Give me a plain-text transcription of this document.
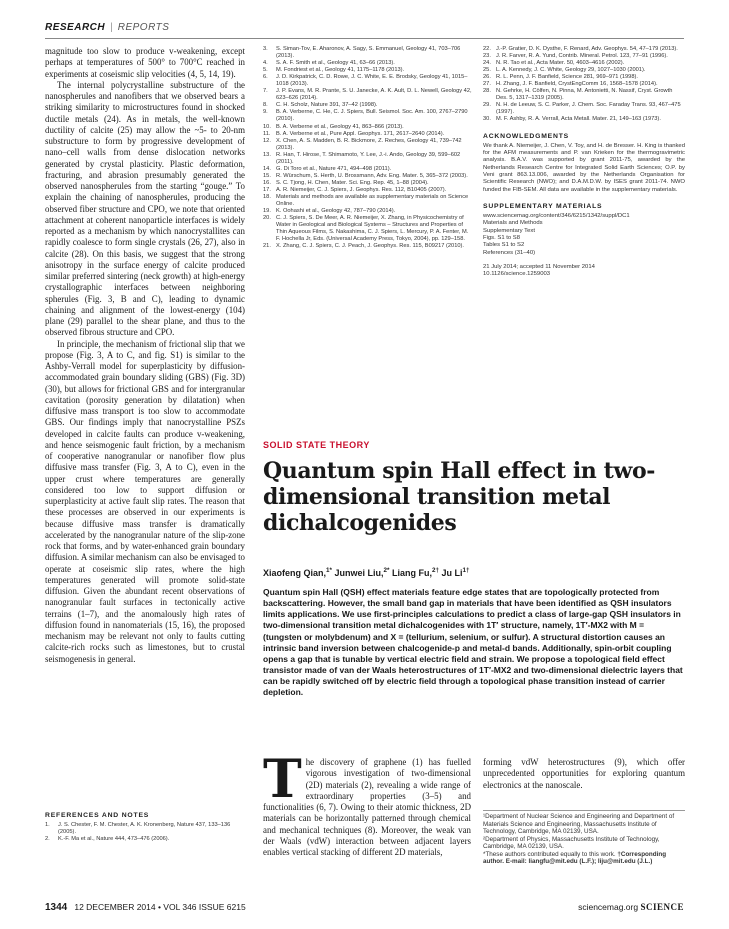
RESEARCH | REPORTS

magnitude too slow to produce v-weakening, except perhaps at temperatures of 500° to 700°C reached in experiments at coseismic slip velocities (4, 5, 14, 19).

The internal polycrystalline substructure of the nanospherules and nanofibers that we observed bears a striking similarity to microstructures found in shocked ductile metals (24). As in metals, the well-known ductility of calcite (25) may allow the ~5- to 20-nm substructure to form by progressive development of nano–cell walls from dense dislocation networks generated by crystal plasticity. Plastic deformation, fracturing, and abrasion presumably generated the observed nanospherules from the starting “gouge.” To explain the chaining of nanospherules, producing the observed fiber structure and CPO, we note that oriented attachment at coherent nanoparticle interfaces is widely reported as a mechanism by which nanocrystallites can rapidly coalesce to form single crystals (26, 27), also in calcite (28). On this basis, we suggest that the strong anisotropy in the surface energy of calcite produced similar preferred sintering (neck growth) at high-energy crystallographic interfaces between neighboring spherules (Fig. 3, B and C), leading to dynamic chaining and alignment of the lowest-energy (104) plane (29) parallel to the shear plane, and thus to the observed fibrous structure and CPO.

In principle, the mechanism of frictional slip that we propose (Fig. 3, A to C, and fig. S1) is similar to the Ashby-Verrall model for superplasticity by diffusion-accommodated grain boundary sliding (GBS) (Fig. 3D) (30), but allows for frictional GBS and for intergranular cavitation (porosity generation by dilatation) when diffusive mass transport is too slow to accommodate GBS. Our findings imply that nanocrystalline PSZs developed in calcite faults can produce v-weakening, and hence seismogenic fault friction, by a mechanism of cooperative nanogranular or nanofiber flow plus diffusive mass transfer (Fig. 3, A to C), even in the upper crust where temperatures are generally considered too low to support diffusion or superplasticity at active fault slip rates. The reason that these processes are observed in our experiments is because diffusive mass transfer is dramatically accelerated by the nanogranular nature of the slip-zone rock that forms, and by water-enhanced grain boundary diffusion. A similar mechanism can also be envisaged to operate at coseismic slip rates, where the high temperatures generated will promote solid-state diffusion. Given the abundant recent observations of nanogranular fault surfaces in tectonically active terrains (1–7), and the anomalously high rates of diffusion found in nanomaterials (15, 16), the proposed mechanism may be relevant not only to faults cutting calcite-rich rocks such as limestones, but to crustal seismogenesis in general.

REFERENCES AND NOTES
1.	J. S. Chester, F. M. Chester, A. K. Kronenberg, Nature 437, 133–136 (2005).
2.	K.-F. Ma et al., Nature 444, 473–476 (2006).
3.	S. Siman-Tov, E. Aharonov, A. Sagy, S. Emmanuel, Geology 41, 703–706 (2013).
4.	S. A. F. Smith et al., Geology 41, 63–66 (2013).
5.	M. Fondriest et al., Geology 41, 1175–1178 (2013).
6.	J. D. Kirkpatrick, C. D. Rowe, J. C. White, E. E. Brodsky, Geology 41, 1015–1018 (2013).
7.	J. P. Evans, M. R. Prante, S. U. Janecke, A. K. Ault, D. L. Newell, Geology 42, 623–626 (2014).
8.	C. H. Scholz, Nature 391, 37–42 (1998).
9.	B. A. Verberne, C. He, C. J. Spiers, Bull. Seismol. Soc. Am. 100, 2767–2790 (2010).
10. B. A. Verberne et al., Geology 41, 863–866 (2013).
11. B. A. Verberne et al., Pure Appl. Geophys. 171, 2617–2640 (2014).
12. X. Chen, A. S. Madden, B. R. Bickmore, Z. Reches, Geology 41, 739–742 (2013).
13. R. Han, T. Hirose, T. Shimamoto, Y. Lee, J.-i. Ando, Geology 39, 599–602 (2011).
14. G. Di Toro et al., Nature 471, 494–498 (2011).
15. R. Würschum, S. Herth, U. Brossmann, Adv. Eng. Mater. 5, 365–372 (2003).
16. S. C. Tjong, H. Chen, Mater. Sci. Eng. Rep. 45, 1–88 (2004).
17. A. R. Niemeijer, C. J. Spiers, J. Geophys. Res. 112, B10405 (2007).
18. Materials and methods are available as supplementary materials on Science Online.
19. K. Oohashi et al., Geology 42, 787–790 (2014).
20. C. J. Spiers, S. De Meer, A. R. Niemeijer, X. Zhang, in Physicochemistry of Water in Geological and Biological Systems – Structures and Properties of Thin Aqueous Films, S. Nakashima, C. J. Spiers, L. Mercury, P. A. Fenter, M. F. Hochella Jr, Eds. (Universal Academy Press, Tokyo, 2004), pp. 129–158.
21. X. Zhang, C. J. Spiers, C. J. Peach, J. Geophys. Res. 115, B09217 (2010).
22. J.-P. Gratier, D. K. Dysthe, F. Renard, Adv. Geophys. 54, 47–179 (2013).
23. J. R. Farver, R. A. Yund, Contrib. Mineral. Petrol. 123, 77–91 (1996).
24. N. R. Tao et al., Acta Mater. 50, 4603–4616 (2002).
25. L. A. Kennedy, J. C. White, Geology 29, 1027–1030 (2001).
26. R. L. Penn, J. F. Banfield, Science 281, 969–971 (1998).
27. H. Zhang, J. F. Banfield, CrystEngComm 16, 1568–1578 (2014).
28. N. Gehrke, H. Cölfen, N. Pinna, M. Antonietti, N. Nassif, Cryst. Growth Des. 5, 1317–1319 (2005).
29. N. H. de Leeuw, S. C. Parker, J. Chem. Soc. Faraday Trans. 93, 467–475 (1997).
30. M. F. Ashby, R. A. Verrall, Acta Metall. Mater. 21, 149–163 (1973).
ACKNOWLEDGMENTS
We thank A. Niemeijer, J. Chen, V. Toy, and H. de Bresser. H. King is thanked for the AFM measurements and P. van Krieken for the thermogravimetric analysis. B.A.V. was supported by grant 2011-75, awarded by the Netherlands Research Centre for Integrated Solid Earth Sciences; O.P. by Veni grant 863.13.006, awarded by the Netherlands Organisation for Scientific Research (NWO); and D.A.M.D.W. by ISES grant 2011-74. NWO funded the FIB-SEM. All data are available in the supplementary materials.
SUPPLEMENTARY MATERIALS
www.sciencemag.org/content/346/6215/1342/suppl/DC1
Materials and Methods
Supplementary Text
Figs. S1 to S8
Tables S1 to S2
References (31–40)
21 July 2014; accepted 11 November 2014
10.1126/science.1259003
SOLID STATE THEORY
Quantum spin Hall effect in two-dimensional transition metal dichalcogenides
Xiaofeng Qian,$^{1*}$ Junwei Liu,$^{2*}$ Liang Fu,$^{2\dagger}$ Ju $Li^{1\dagger}$

Quantum spin Hall (QSH) effect materials feature edge states that are topologically protected from backscattering. However, the small band gap in materials that have been identified as QSH insulators limits applications. We use first-principles calculations to predict a class of large-gap QSH insulators in two-dimensional transition metal dichalcogenides with 1T′ structure, namely, 1T′-MX2 with M = (tungsten or molybdenum) and X = (tellurium, selenium, or sulfur). A structural distortion causes an intrinsic band inversion between chalcogenide-p and metal-d bands. Additionally, spin-orbit coupling opens a gap that is tunable by vertical electric field and strain. We propose a topological field effect transistor made of van der Waals heterostructures of 1T′-MX2 and two-dimensional dielectric layers that can be rapidly switched off by electric field through a topological phase transition instead of carrier depletion.

The discovery of graphene (1) has fuelled vigorous investigation of two-dimensional (2D) materials (2), revealing a wide range of extraordinary properties (3–5) and functionalities (6, 7). Owing to their atomic thickness, 2D materials can be horizontally patterned through chemical and mechanical techniques (8). Moreover, the weak van der Waals (vdW) interaction between adjacent layers enables vertical stacking of different 2D materials,
forming vdW heterostructures (9), which offer unprecedented opportunities for exploring quantum electronics at the nanoscale.
¹Department of Nuclear Science and Engineering and Department of Materials Science and Engineering, Massachusetts Institute of Technology, Cambridge, MA 02139, USA.
²Department of Physics, Massachusetts Institute of Technology, Cambridge, MA 02139, USA.
*These authors contributed equally to this work. †Corresponding author. E-mail: liangfu@mit.edu (L.F.); liju@mit.edu (J.L.)
1344 12 DECEMBER 2014 • VOL 346 ISSUE 6215	sciencemag.org SCIENCE
